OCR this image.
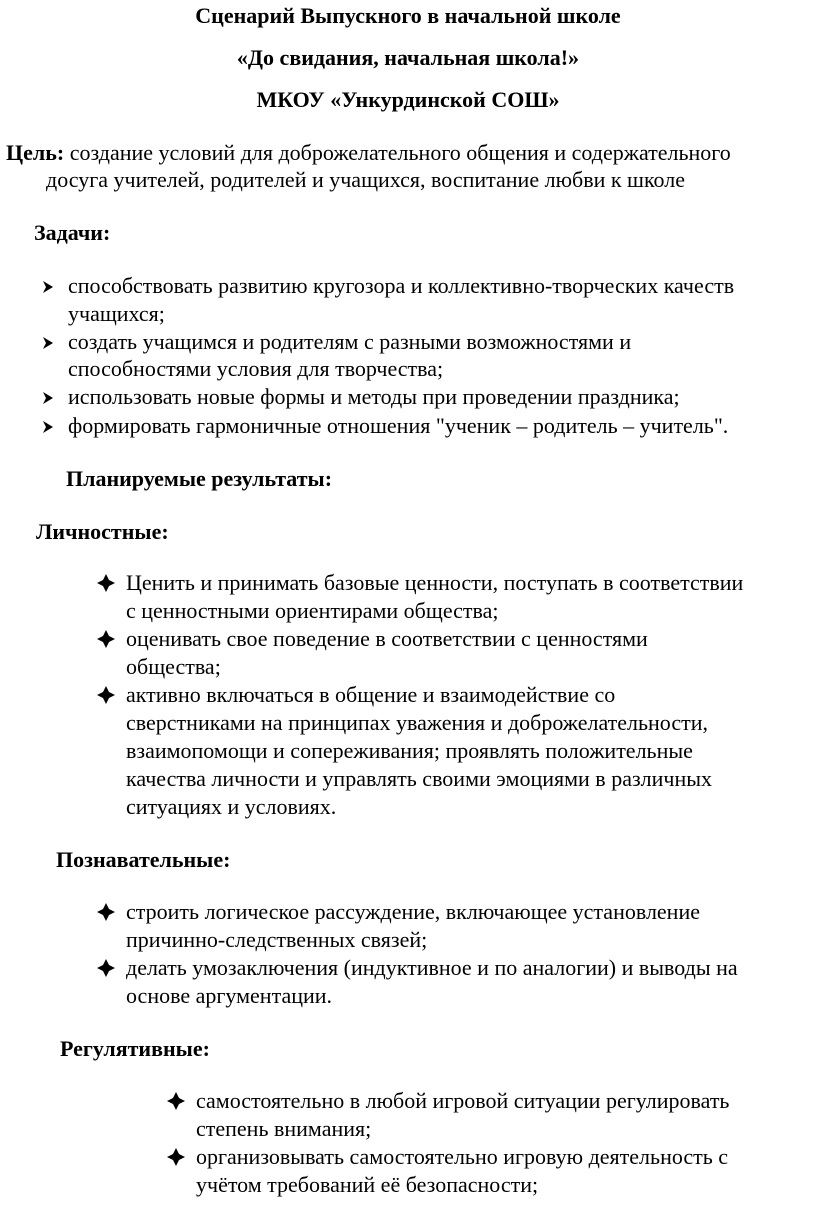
Сценарий Выпускного в начальной школе
«До свидания, начальная школа!»
МКОУ «Ункурдинской СОШ»
Цель: создание условий для доброжелательного общения и содержательного
досуга учителей, родителей и учащихся, воспитание любви к школе
Задачи:
способствовать развитию кругозора и коллективно-творческих качеств
учащихся;
создать учащимся и родителям с разными возможностями и
способностями условия для творчества;
использовать новые формы и методы при проведении праздника;
формировать гармоничные отношения "ученик – родитель – учитель".
Планируемые результаты:
Личностные:
Ценить и принимать базовые ценности, поступать в соответствии
с ценностными ориентирами общества;
оценивать свое поведение в соответствии с ценностями
общества;
активно включаться в общение и взаимодействие со
сверстниками на принципах уважения и доброжелательности,
взаимопомощи и сопереживания; проявлять положительные
качества личности и управлять своими эмоциями в различных
ситуациях и условиях.
Познавательные:
строить логическое рассуждение, включающее установление
причинно-следственных связей;
делать умозаключения (индуктивное и по аналогии) и выводы на
основе аргументации.
Регулятивные:
самостоятельно в любой игровой ситуации регулировать
степень внимания;
организовывать самостоятельно игровую деятельность с
учётом требований её безопасности;
